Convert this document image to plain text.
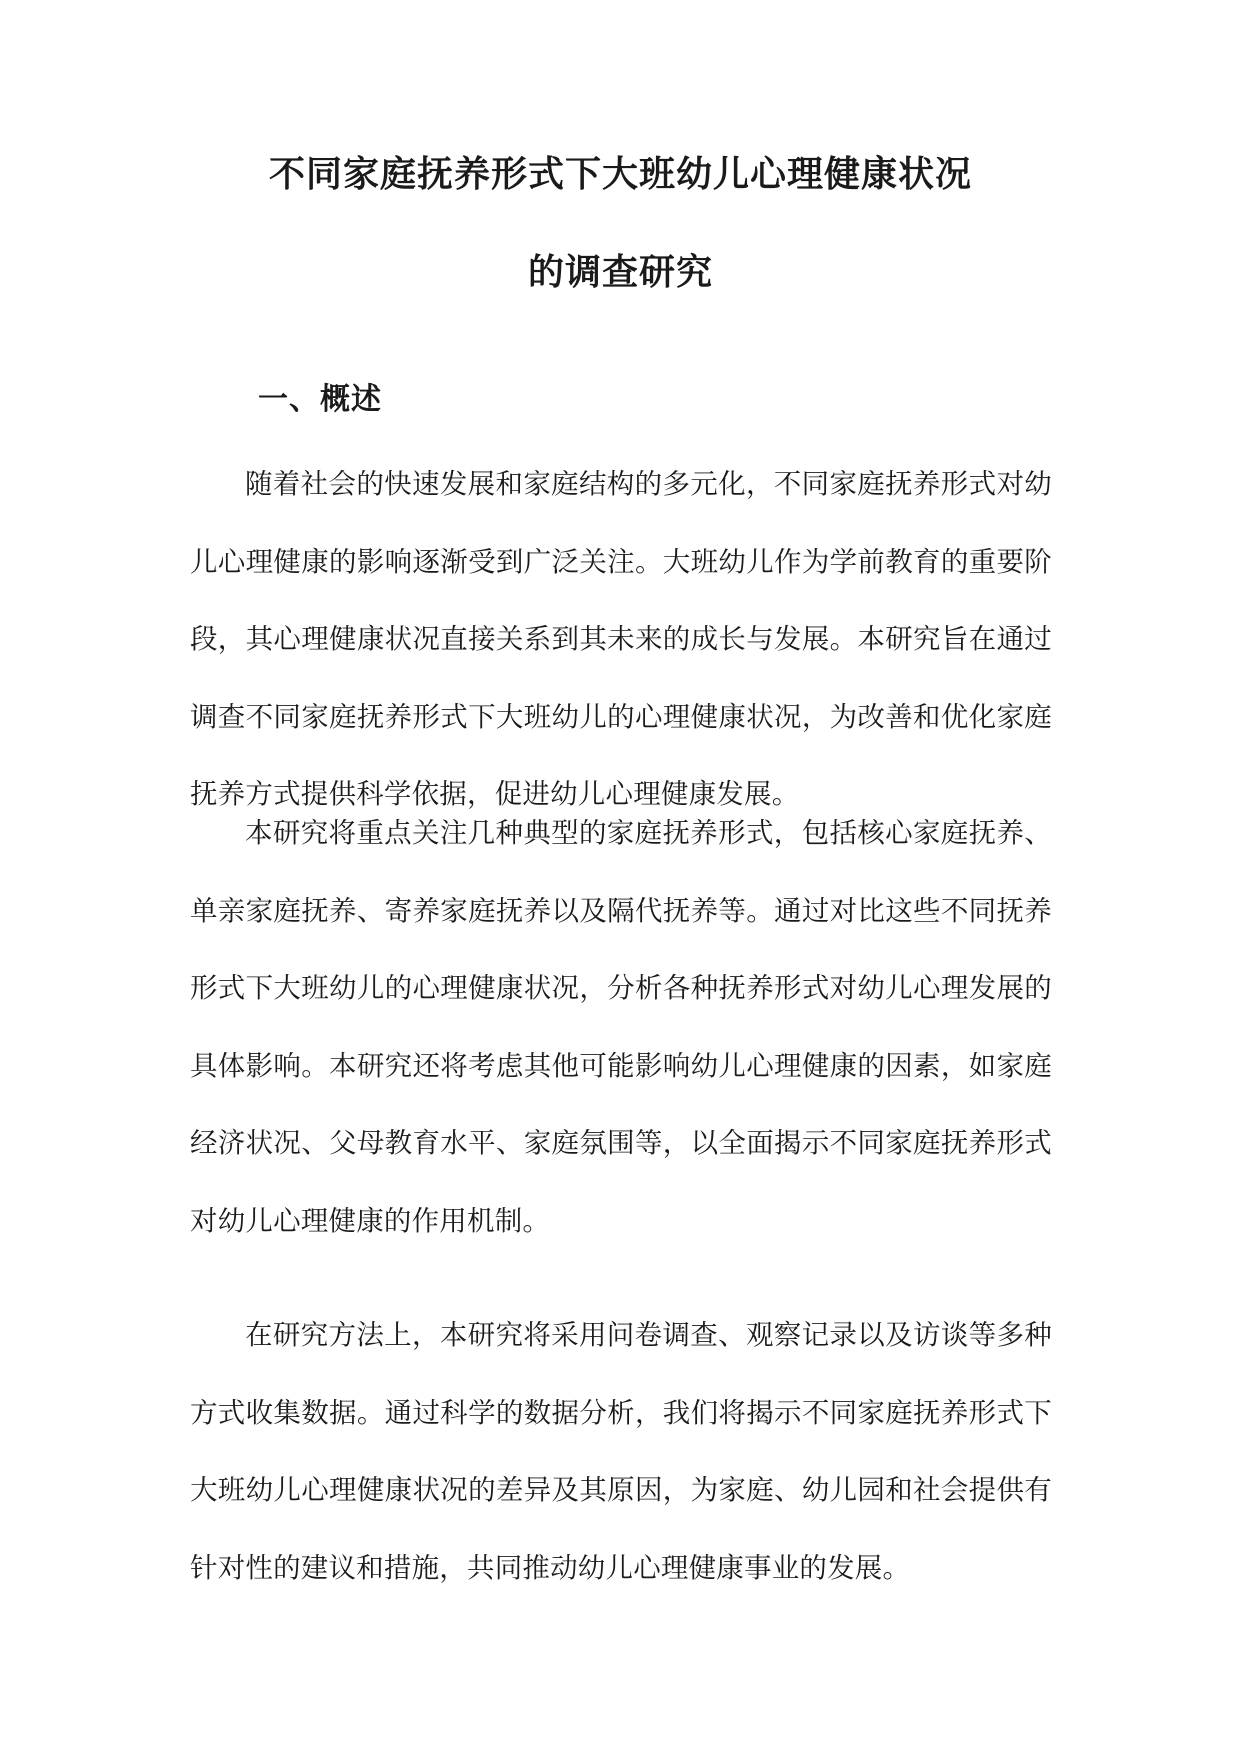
不同家庭抚养形式下大班幼儿心理健康状况
的调查研究
一、概述

随着社会的快速发展和家庭结构的多元化，不同家庭抚养形式对幼儿心理健康的影响逐渐受到广泛关注。大班幼儿作为学前教育的重要阶段，其心理健康状况直接关系到其未来的成长与发展。本研究旨在通过调查不同家庭抚养形式下大班幼儿的心理健康状况，为改善和优化家庭抚养方式提供科学依据，促进幼儿心理健康发展。

本研究将重点关注几种典型的家庭抚养形式，包括核心家庭抚养、单亲家庭抚养、寄养家庭抚养以及隔代抚养等。通过对比这些不同抚养形式下大班幼儿的心理健康状况，分析各种抚养形式对幼儿心理发展的具体影响。本研究还将考虑其他可能影响幼儿心理健康的因素，如家庭经济状况、父母教育水平、家庭氛围等，以全面揭示不同家庭抚养形式对幼儿心理健康的作用机制。

在研究方法上，本研究将采用问卷调查、观察记录以及访谈等多种方式收集数据。通过科学的数据分析，我们将揭示不同家庭抚养形式下大班幼儿心理健康状况的差异及其原因，为家庭、幼儿园和社会提供有针对性的建议和措施，共同推动幼儿心理健康事业的发展。
